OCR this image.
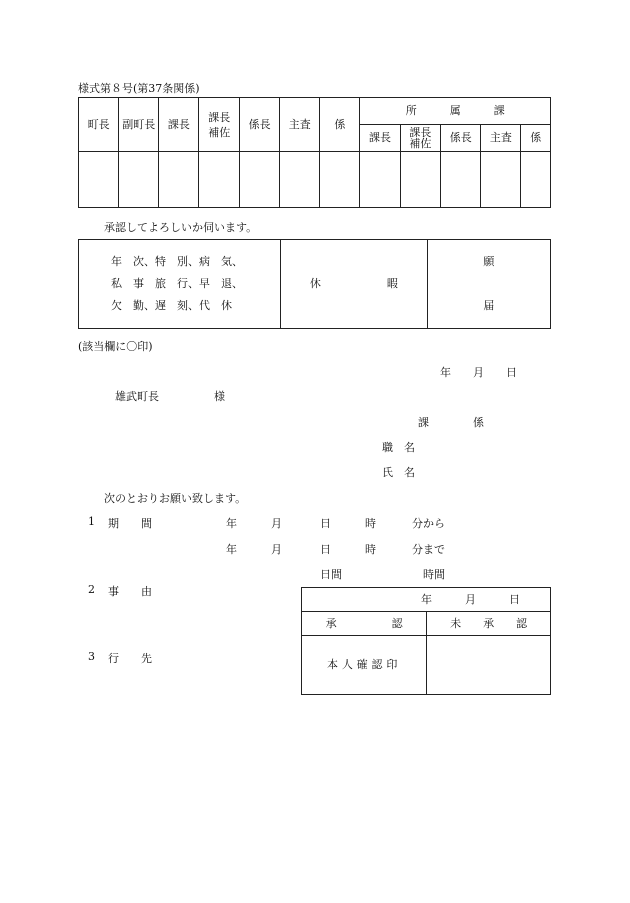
様式第８号(第37条関係)
町長	副町長	課長	課長補佐	係長	主査	係	所　　　属　　　課				
							課長	課長補佐	係長	主査	係

承認してよろしいか伺います。
年　次、特　別、病　気、
私　事　旅　行、早　退、
欠　勤、遅　刻、代　休
	休　　　　　　暇	
願
届
(該当欄に〇印)
年　　月　　日
雄武町長　　　　　様
課　　　　係
職　名
氏　名
次のとおりお願い致します。
1 期　　間	年	月	日	時	分から
年	月	日	時	分まで
日間	時間
2 事　　由
3 行　　先
年　　　月　　　日	
承　　　　　認	未　　承　　認
本人確認印	
